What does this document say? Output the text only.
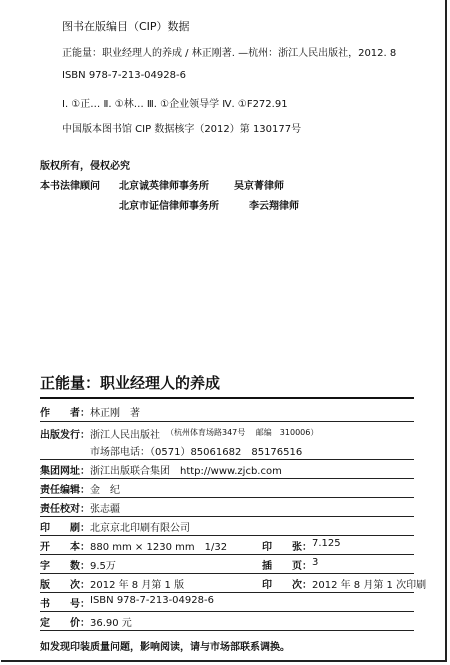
图书在版编目（CIP）数据
正能量：职业经理人的养成 / 林正刚著. —杭州：浙江人民出版社，2012. 8
ISBN 978-7-213-04928-6
Ⅰ. ①正… Ⅱ. ①林… Ⅲ. ①企业领导学 Ⅳ. ①F272.91
中国版本图书馆 CIP 数据核字（2012）第 130177号
版权所有，侵权必究
本书法律顾问 北京诚英律师事务所	吴京菁律师
北京市证信律师事务所	李云翔律师
正能量：职业经理人的养成
作　　者： 林正刚　著
出版发行： 浙江人民出版社 （杭州体育场路347号　 邮编　310006）
市场部电话：（0571）85061682　85176516
集团网址： 浙江出版联合集团　http://www.zjcb.com
责任编辑： 金　纪
责任校对： 张志疆
印　　刷： 北京京北印刷有限公司
开　　本： 880 mm × 1230 mm　1/32	印　　张： 7.125
字　　数： 9.5万	插　　页： 3
版　　次： 2012 年 8 月第 1 版	印　　次： 2012 年 8 月第 1 次印刷
书　　号： ISBN 978-7-213-04928-6
定　　价： 36.90 元
如发现印装质量问题，影响阅读，请与市场部联系调换。
